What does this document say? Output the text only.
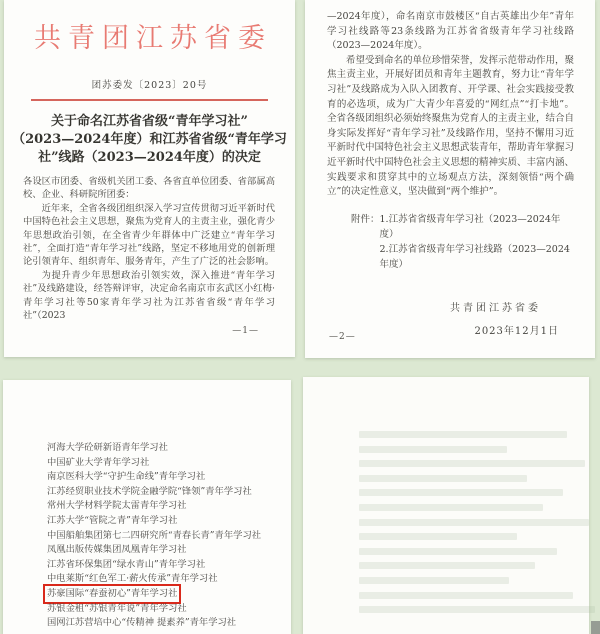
共青团江苏省委
团苏委发〔2023〕20号
关于命名江苏省省级“青年学习社”
（2023—2024年度）和江苏省省级“青年学习
社”线路（2023—2024年度）的决定
各设区市团委、省级机关团工委、各省直单位团委、省部属高校、企业、科研院所团委：
近年来，全省各级团组织深入学习宣传贯彻习近平新时代中国特色社会主义思想，聚焦为党育人的主责主业，强化青少年思想政治引领，在全省青少年群体中广泛建立“青年学习社”，全面打造“青年学习社”线路，坚定不移地用党的创新理论引领青年、组织青年、服务青年，产生了广泛的社会影响。
为提升青少年思想政治引领实效，深入推进“青年学习社”及线路建设，经答辩评审，决定命名南京市玄武区小红梅·青年学习社等50家青年学习社为江苏省省级“青年学习社”（2023
—1—
—2024年度），命名南京市鼓楼区“自古英雄出少年”青年学习社线路等23条线路为江苏省省级青年学习社线路（2023—2024年度）。
希望受到命名的单位珍惜荣誉，发挥示范带动作用，聚焦主责主业，开展好团员和青年主题教育，努力让“青年学习社”及线路成为入队入团教育、开学课、社会实践接受教育的必选项，成为广大青少年喜爱的“网红点”“打卡地”。全省各级团组织必须始终聚焦为党育人的主责主业，结合自身实际发挥好“青年学习社”及线路作用，坚持不懈用习近平新时代中国特色社会主义思想武装青年，帮助青年掌握习近平新时代中国特色社会主义思想的精神实质、丰富内涵、实践要求和贯穿其中的立场观点方法，深刻领悟“两个确立”的决定性意义，坚决做到“两个维护”。
附件： 1.江苏省省级青年学习社（2023—2024年度）
2.江苏省省级青年学习社线路（2023—2024年度）
共青团江苏省委
2023年12月1日
—2—
河海大学砼研新语青年学习社
中国矿业大学青年学习社
南京医科大学“守护生命线”青年学习社
江苏经贸职业技术学院金融学院“锋领”青年学习社
常州大学材料学院太雷青年学习社
江苏大学“管院之青”青年学习社
中国船舶集团第七二四研究所“青春长青”青年学习社
凤凰出版传媒集团凤凰青年学习社
江苏省环保集团“绿水青山”青年学习社
中电莱斯“红色军工·薪火传承”青年学习社
苏豪国际“春蚕初心”青年学习社
苏银金租“苏银青年说”青年学习社
国网江苏营培中心“传精神 提素养”青年学习社
